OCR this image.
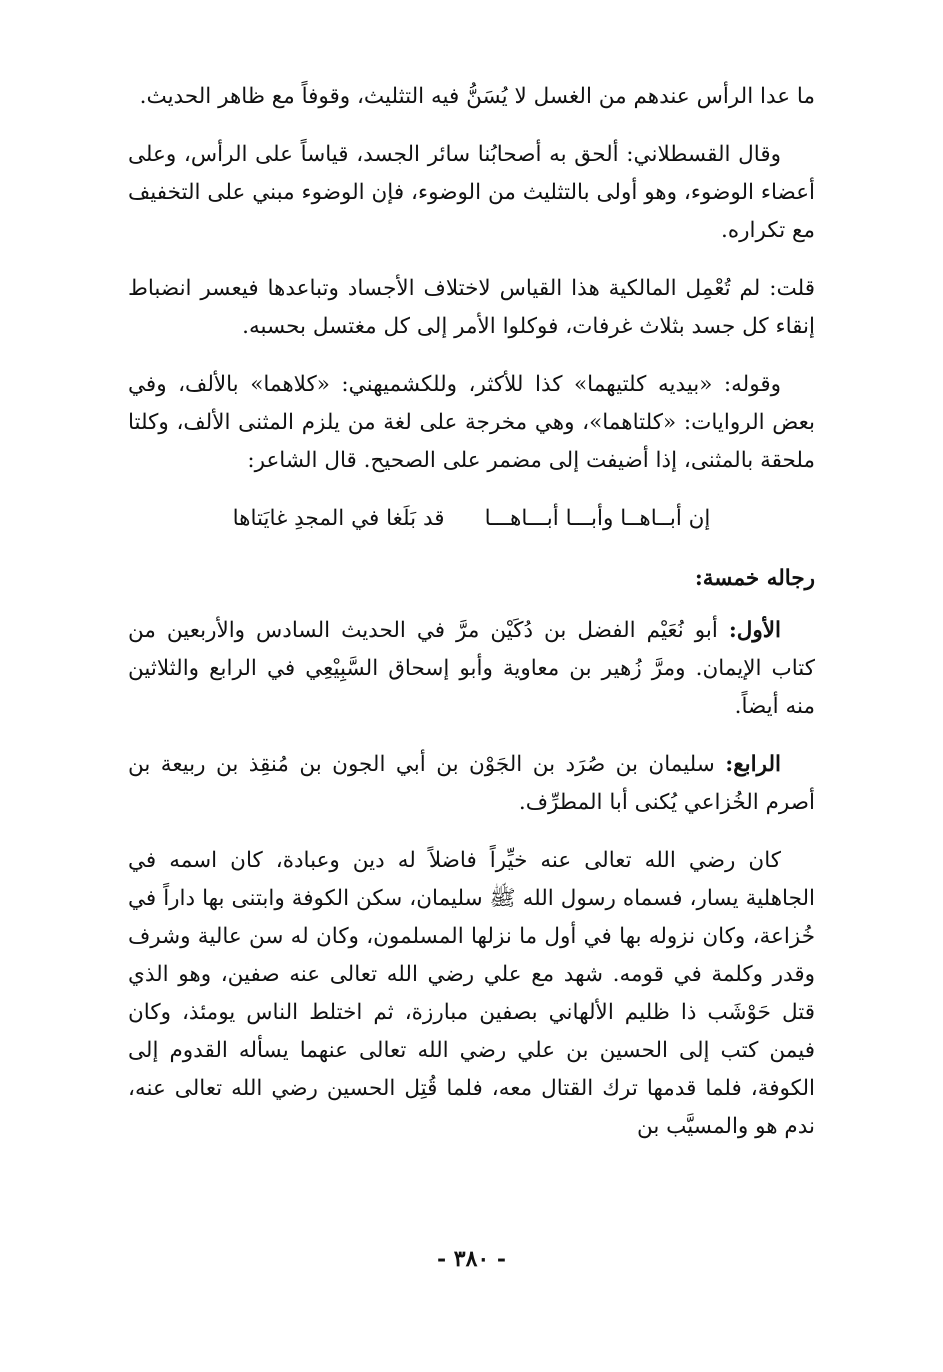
ما عدا الرأس عندهم من الغسل لا يُسَنُّ فيه التثليث، وقوفاً مع ظاهر الحديث.

وقال القسطلاني: ألحق به أصحابُنا سائر الجسد، قياساً على الرأس، وعلى أعضاء الوضوء، وهو أولى بالتثليث من الوضوء، فإن الوضوء مبني على التخفيف مع تكراره.

قلت: لم تُعْمِل المالكية هذا القياس لاختلاف الأجساد وتباعدها فيعسر انضباط إنقاء كل جسد بثلاث غرفات، فوكلوا الأمر إلى كل مغتسل بحسبه.

وقوله: «بيديه كلتيهما» كذا للأكثر، وللكشميهني: «كلاهما» بالألف، وفي بعض الروايات: «كلتاهما»، وهي مخرجة على لغة من يلزم المثنى الألف، وكلتا ملحقة بالمثنى، إذا أضيفت إلى مضمر على الصحيح. قال الشاعر:

إن أبــاهــا وأبـــا أبـــاهـــا
قد بَلَغا في المجدِ غايَتاها

رجاله خمسة:

الأول: أبو نُعَيْم الفضل بن دُكَيْن مرَّ في الحديث السادس والأربعين من كتاب الإيمان. ومرَّ زُهير بن معاوية وأبو إسحاق السَّبِيْعِي في الرابع والثلاثين منه أيضاً.

الرابع: سليمان بن صُرَد بن الجَوْن بن أبي الجون بن مُنقِذ بن ربيعة بن أصرم الخُزاعي يُكنى أبا المطرِّف.

كان رضي الله تعالى عنه خيِّراً فاضلاً له دين وعبادة، كان اسمه في الجاهلية يسار، فسماه رسول الله ﷺ سليمان، سكن الكوفة وابتنى بها داراً في خُزاعة، وكان نزوله بها في أول ما نزلها المسلمون، وكان له سن عالية وشرف وقدر وكلمة في قومه. شهد مع علي رضي الله تعالى عنه صفين، وهو الذي قتل حَوْشَب ذا ظليم الألهاني بصفين مبارزة، ثم اختلط الناس يومئذ، وكان فيمن كتب إلى الحسين بن علي رضي الله تعالى عنهما يسأله القدوم إلى الكوفة، فلما قدمها ترك القتال معه، فلما قُتِل الحسين رضي الله تعالى عنه، ندم هو والمسيَّب بن

- ٣٨٠ -
